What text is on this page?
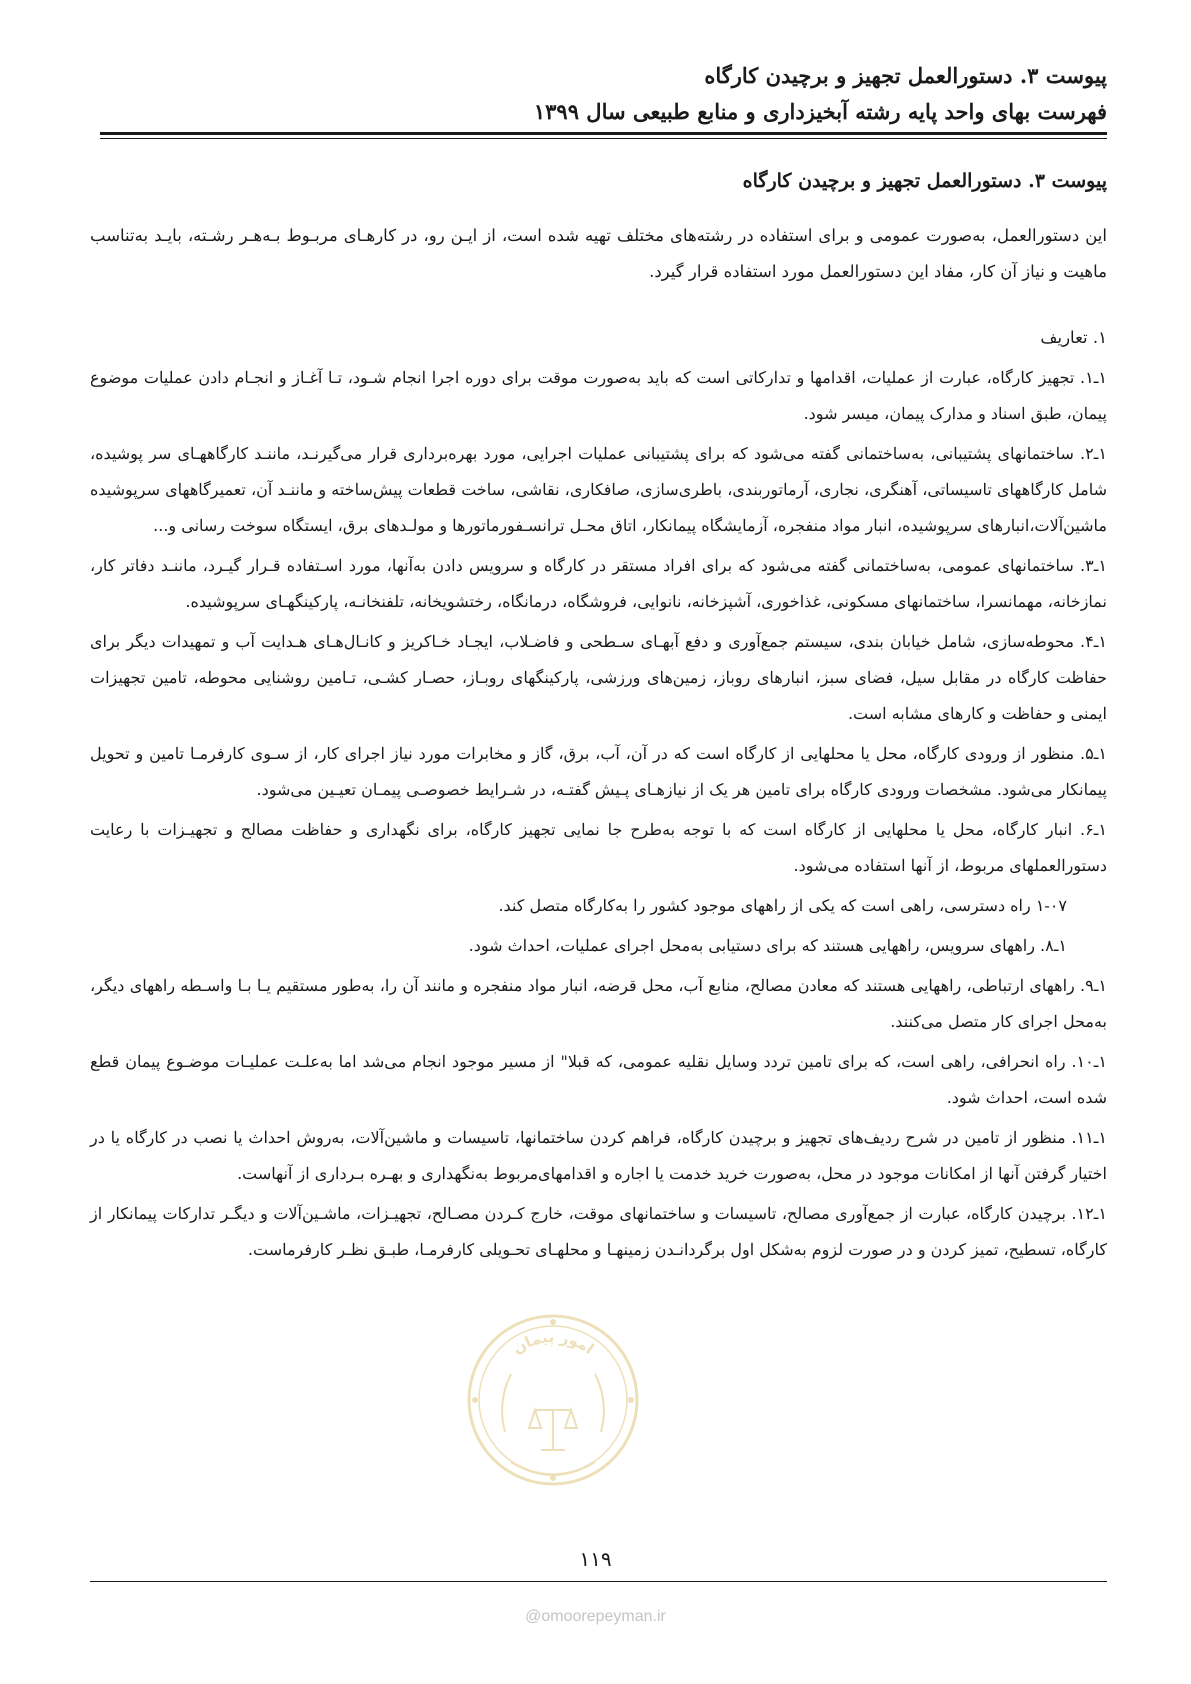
پیوست ۳. دستورالعمل تجهیز و برچیدن کارگاه
فهرست بهای واحد پایه رشته آبخیزداری و منابع طبیعی سال ۱۳۹۹
پیوست ۳. دستورالعمل تجهیز و برچیدن کارگاه

این دستورالعمل، به‌صورت عمومی و برای استفاده در رشته‌های مختلف تهیه شده است، از ایـن رو، در کارهـای مربـوط بـه‌هـر رشـته، بایـد به‌تناسب ماهیت و نیاز آن کار، مفاد این دستورالعمل مورد استفاده قرار گیرد.

۱. تعاریف

۱ـ۱. تجهیز کارگاه، عبارت از عملیات، اقدامها و تدارکاتی است که باید به‌صورت موقت برای دوره اجرا انجام شـود، تـا آغـاز و انجـام دادن عملیات موضوع پیمان، طبق اسناد و مدارک پیمان، میسر شود.

۱ـ۲. ساختمانهای پشتیبانی، به‌ساختمانی گفته می‌شود که برای پشتیبانی عملیات اجرایی، مورد بهره‌برداری قرار می‌گیرنـد، ماننـد کارگاههـای سر پوشیده، شامل کارگاههای تاسیساتی، آهنگری، نجاری، آرماتوربندی، باطری‌سازی، صافکاری، نقاشی، ساخت قطعات پیش‌ساخته و ماننـد آن، تعمیرگاههای سرپوشیده ماشین‌آلات،انبارهای سرپوشیده، انبار مواد منفجره، آزمایشگاه پیمانکار، اتاق محـل ترانسـفورماتورها و مولـدهای برق، ایستگاه سوخت رسانی و...

۱ـ۳. ساختمانهای عمومی، به‌ساختمانی گفته می‌شود که برای افراد مستقر در کارگاه و سرویس دادن به‌آنها، مورد اسـتفاده قـرار گیـرد، ماننـد دفاتر کار، نمازخانه، مهمانسرا، ساختمانهای مسکونی، غذاخوری، آشپزخانه، نانوایی، فروشگاه، درمانگاه، رختشویخانه، تلفنخانـه، پارکینگهـای سرپوشیده.

۱ـ۴. محوطه‌سازی، شامل خیابان بندی، سیستم جمع‌آوری و دفع آبهـای سـطحی و فاضـلاب، ایجـاد خـاکریز و کانـال‌هـای هـدایت آب و تمهیدات دیگر برای حفاظت کارگاه در مقابل سیل، فضای سبز، انبارهای روباز، زمین‌های ورزشی، پارکینگهای روبـاز، حصـار کشـی، تـامین روشنایی محوطه، تامین تجهیزات ایمنی و حفاظت و کارهای مشابه است.

۱ـ۵. منظور از ورودی کارگاه، محل یا محلهایی از کارگاه است که در آن، آب، برق، گاز و مخابرات مورد نیاز اجرای کار، از سـوی کارفرمـا تامین و تحویل پیمانکار می‌شود. مشخصات ورودی کارگاه برای تامین هر یک از نیازهـای پـیش گفتـه، در شـرایط خصوصـی پیمـان تعیـین می‌شود.

۱ـ۶. انبار کارگاه، محل یا محلهایی از کارگاه است که با توجه به‌طرح جا نمایی تجهیز کارگاه، برای نگهداری و حفاظت مصالح و تجهیـزات با رعایت دستورالعملهای مربوط، از آنها استفاده می‌شود.

۱-۰۷ راه دسترسی، راهی است که یکی از راههای موجود کشور را به‌کارگاه متصل کند.

۱ـ۸. راههای سرویس، راههایی هستند که برای دستیابی به‌محل اجرای عملیات، احداث شود.

۱ـ۹. راههای ارتباطی، راههایی هستند که معادن مصالح، منابع آب، محل قرضه، انبار مواد منفجره و مانند آن را، به‌طور مستقیم یـا بـا واسـطه راههای دیگر، به‌محل اجرای کار متصل می‌کنند.

۱ـ۱۰. راه انحرافی، راهی است، که برای تامین تردد وسایل نقلیه عمومی، که قبلا" از مسیر موجود انجام می‌شد اما به‌علـت عملیـات موضـوع پیمان قطع شده است، احداث شود.

۱ـ۱۱. منظور از تامین در شرح ردیف‌های تجهیز و برچیدن کارگاه، فراهم کردن ساختمانها، تاسیسات و ماشین‌آلات، به‌روش احداث یا نصب در کارگاه یا در اختیار گرفتن آنها از امکانات موجود در محل، به‌صورت خرید خدمت یا اجاره و اقدامهای‌مربوط به‌نگهداری و بهـره بـرداری از آنهاست.

۱ـ۱۲. برچیدن کارگاه، عبارت از جمع‌آوری مصالح، تاسیسات و ساختمانهای موقت، خارج کـردن مصـالح، تجهیـزات، ماشـین‌آلات و دیگـر تدارکات پیمانکار از کارگاه، تسطیح، تمیز کردن و در صورت لزوم به‌شکل اول برگردانـدن زمینهـا و محلهـای تحـویلی کارفرمـا، طبـق نظـر کارفرماست.

امور پیمان
۱۱۹
@omoorepeyman.ir
